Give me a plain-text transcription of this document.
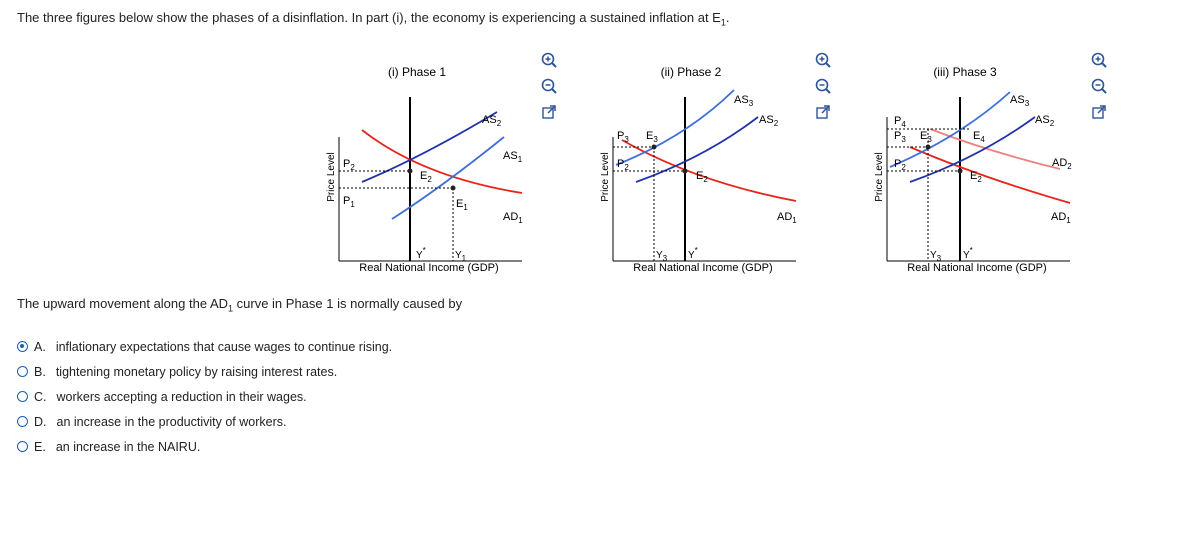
The three figures below show the phases of a disinflation. In part (i), the economy is experiencing a sustained inflation at $E_1$.
(i) Phase 1
Price Level
Real National Income (GDP)
$AS_2$
$AS_1$
$AD_1$
$P_2$
$P_1$
$E_2$
$E_1$
Y*	$Y_1$
(ii) Phase 2
Price Level
Real National Income (GDP)
$AS_3$
$AS_2$
$AD_1$
$P_3$
$P_2$
$E_3$
$E_2$
$Y_3$ Y*
(iii) Phase 3
Price Level
Real National Income (GDP)
$AS_3$
$AS_2$
$AD_2$
$AD_1$
$P_4$
$P_3$
$P_2$
$E_4$
$E_3$
$E_2$
$Y_3$ Y*
The upward movement along the $AD_1$ curve in Phase 1 is normally caused by
A. inflationary expectations that cause wages to continue rising.
B. tightening monetary policy by raising interest rates.
C. workers accepting a reduction in their wages.
D. an increase in the productivity of workers.
E. an increase in the NAIRU.
